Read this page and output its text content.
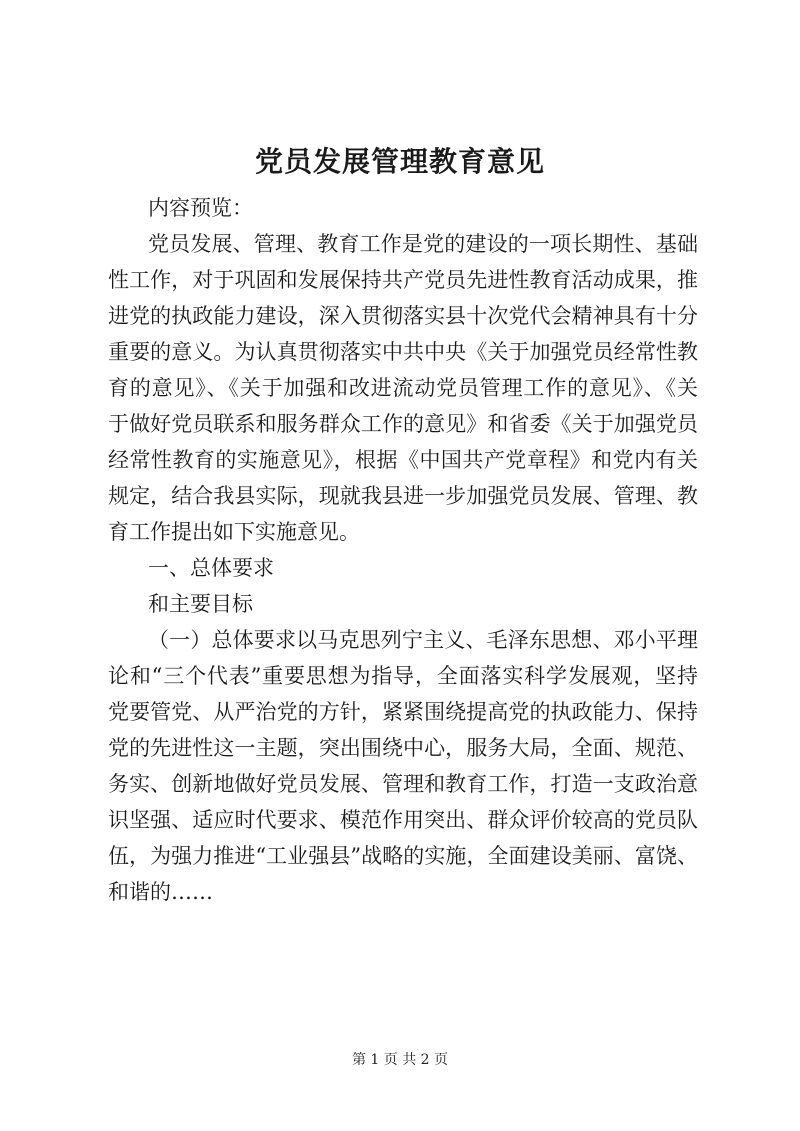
党员发展管理教育意见
内容预览：
党员发展、管理、教育工作是党的建设的一项长期性、基础
性工作，对于巩固和发展保持共产党员先进性教育活动成果，推
进党的执政能力建设，深入贯彻落实县十次党代会精神具有十分
重要的意义。为认真贯彻落实中共中央《关于加强党员经常性教
育的意见》、《关于加强和改进流动党员管理工作的意见》、《关
于做好党员联系和服务群众工作的意见》和省委《关于加强党员
经常性教育的实施意见》，根据《中国共产党章程》和党内有关
规定，结合我县实际，现就我县进一步加强党员发展、管理、教
育工作提出如下实施意见。
一、总体要求
和主要目标
（一）总体要求以马克思列宁主义、毛泽东思想、邓小平理
论和“三个代表”重要思想为指导，全面落实科学发展观，坚持
党要管党、从严治党的方针，紧紧围绕提高党的执政能力、保持
党的先进性这一主题，突出围绕中心，服务大局，全面、规范、
务实、创新地做好党员发展、管理和教育工作，打造一支政治意
识坚强、适应时代要求、模范作用突出、群众评价较高的党员队
伍，为强力推进“工业强县”战略的实施，全面建设美丽、富饶、
和谐的……
第 1 页 共 2 页
